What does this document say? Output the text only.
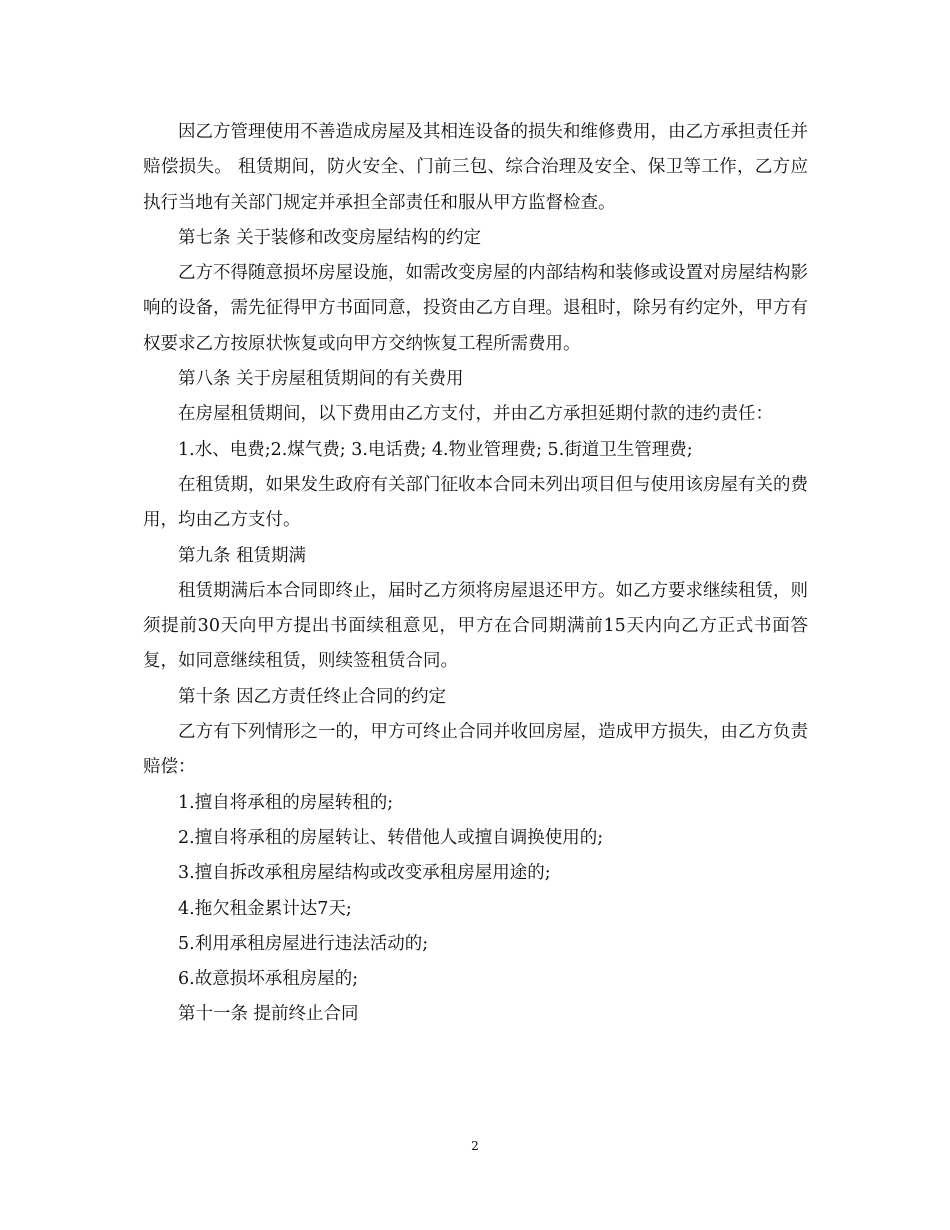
因乙方管理使用不善造成房屋及其相连设备的损失和维修费用，由乙方承担责任并赔偿损失。 租赁期间，防火安全、门前三包、综合治理及安全、保卫等工作，乙方应执行当地有关部门规定并承担全部责任和服从甲方监督检查。

第七条 关于装修和改变房屋结构的约定

乙方不得随意损坏房屋设施，如需改变房屋的内部结构和装修或设置对房屋结构影响的设备，需先征得甲方书面同意，投资由乙方自理。退租时，除另有约定外，甲方有权要求乙方按原状恢复或向甲方交纳恢复工程所需费用。

第八条 关于房屋租赁期间的有关费用

在房屋租赁期间，以下费用由乙方支付，并由乙方承担延期付款的违约责任：

1.水、电费;2.煤气费; 3.电话费; 4.物业管理费; 5.街道卫生管理费;

在租赁期，如果发生政府有关部门征收本合同未列出项目但与使用该房屋有关的费用，均由乙方支付。

第九条 租赁期满

租赁期满后本合同即终止，届时乙方须将房屋退还甲方。如乙方要求继续租赁，则须提前30天向甲方提出书面续租意见，甲方在合同期满前15天内向乙方正式书面答复，如同意继续租赁，则续签租赁合同。

第十条 因乙方责任终止合同的约定

乙方有下列情形之一的，甲方可终止合同并收回房屋，造成甲方损失，由乙方负责赔偿：

1.擅自将承租的房屋转租的;

2.擅自将承租的房屋转让、转借他人或擅自调换使用的;

3.擅自拆改承租房屋结构或改变承租房屋用途的;

4.拖欠租金累计达7天;

5.利用承租房屋进行违法活动的;

6.故意损坏承租房屋的;

第十一条 提前终止合同

2
